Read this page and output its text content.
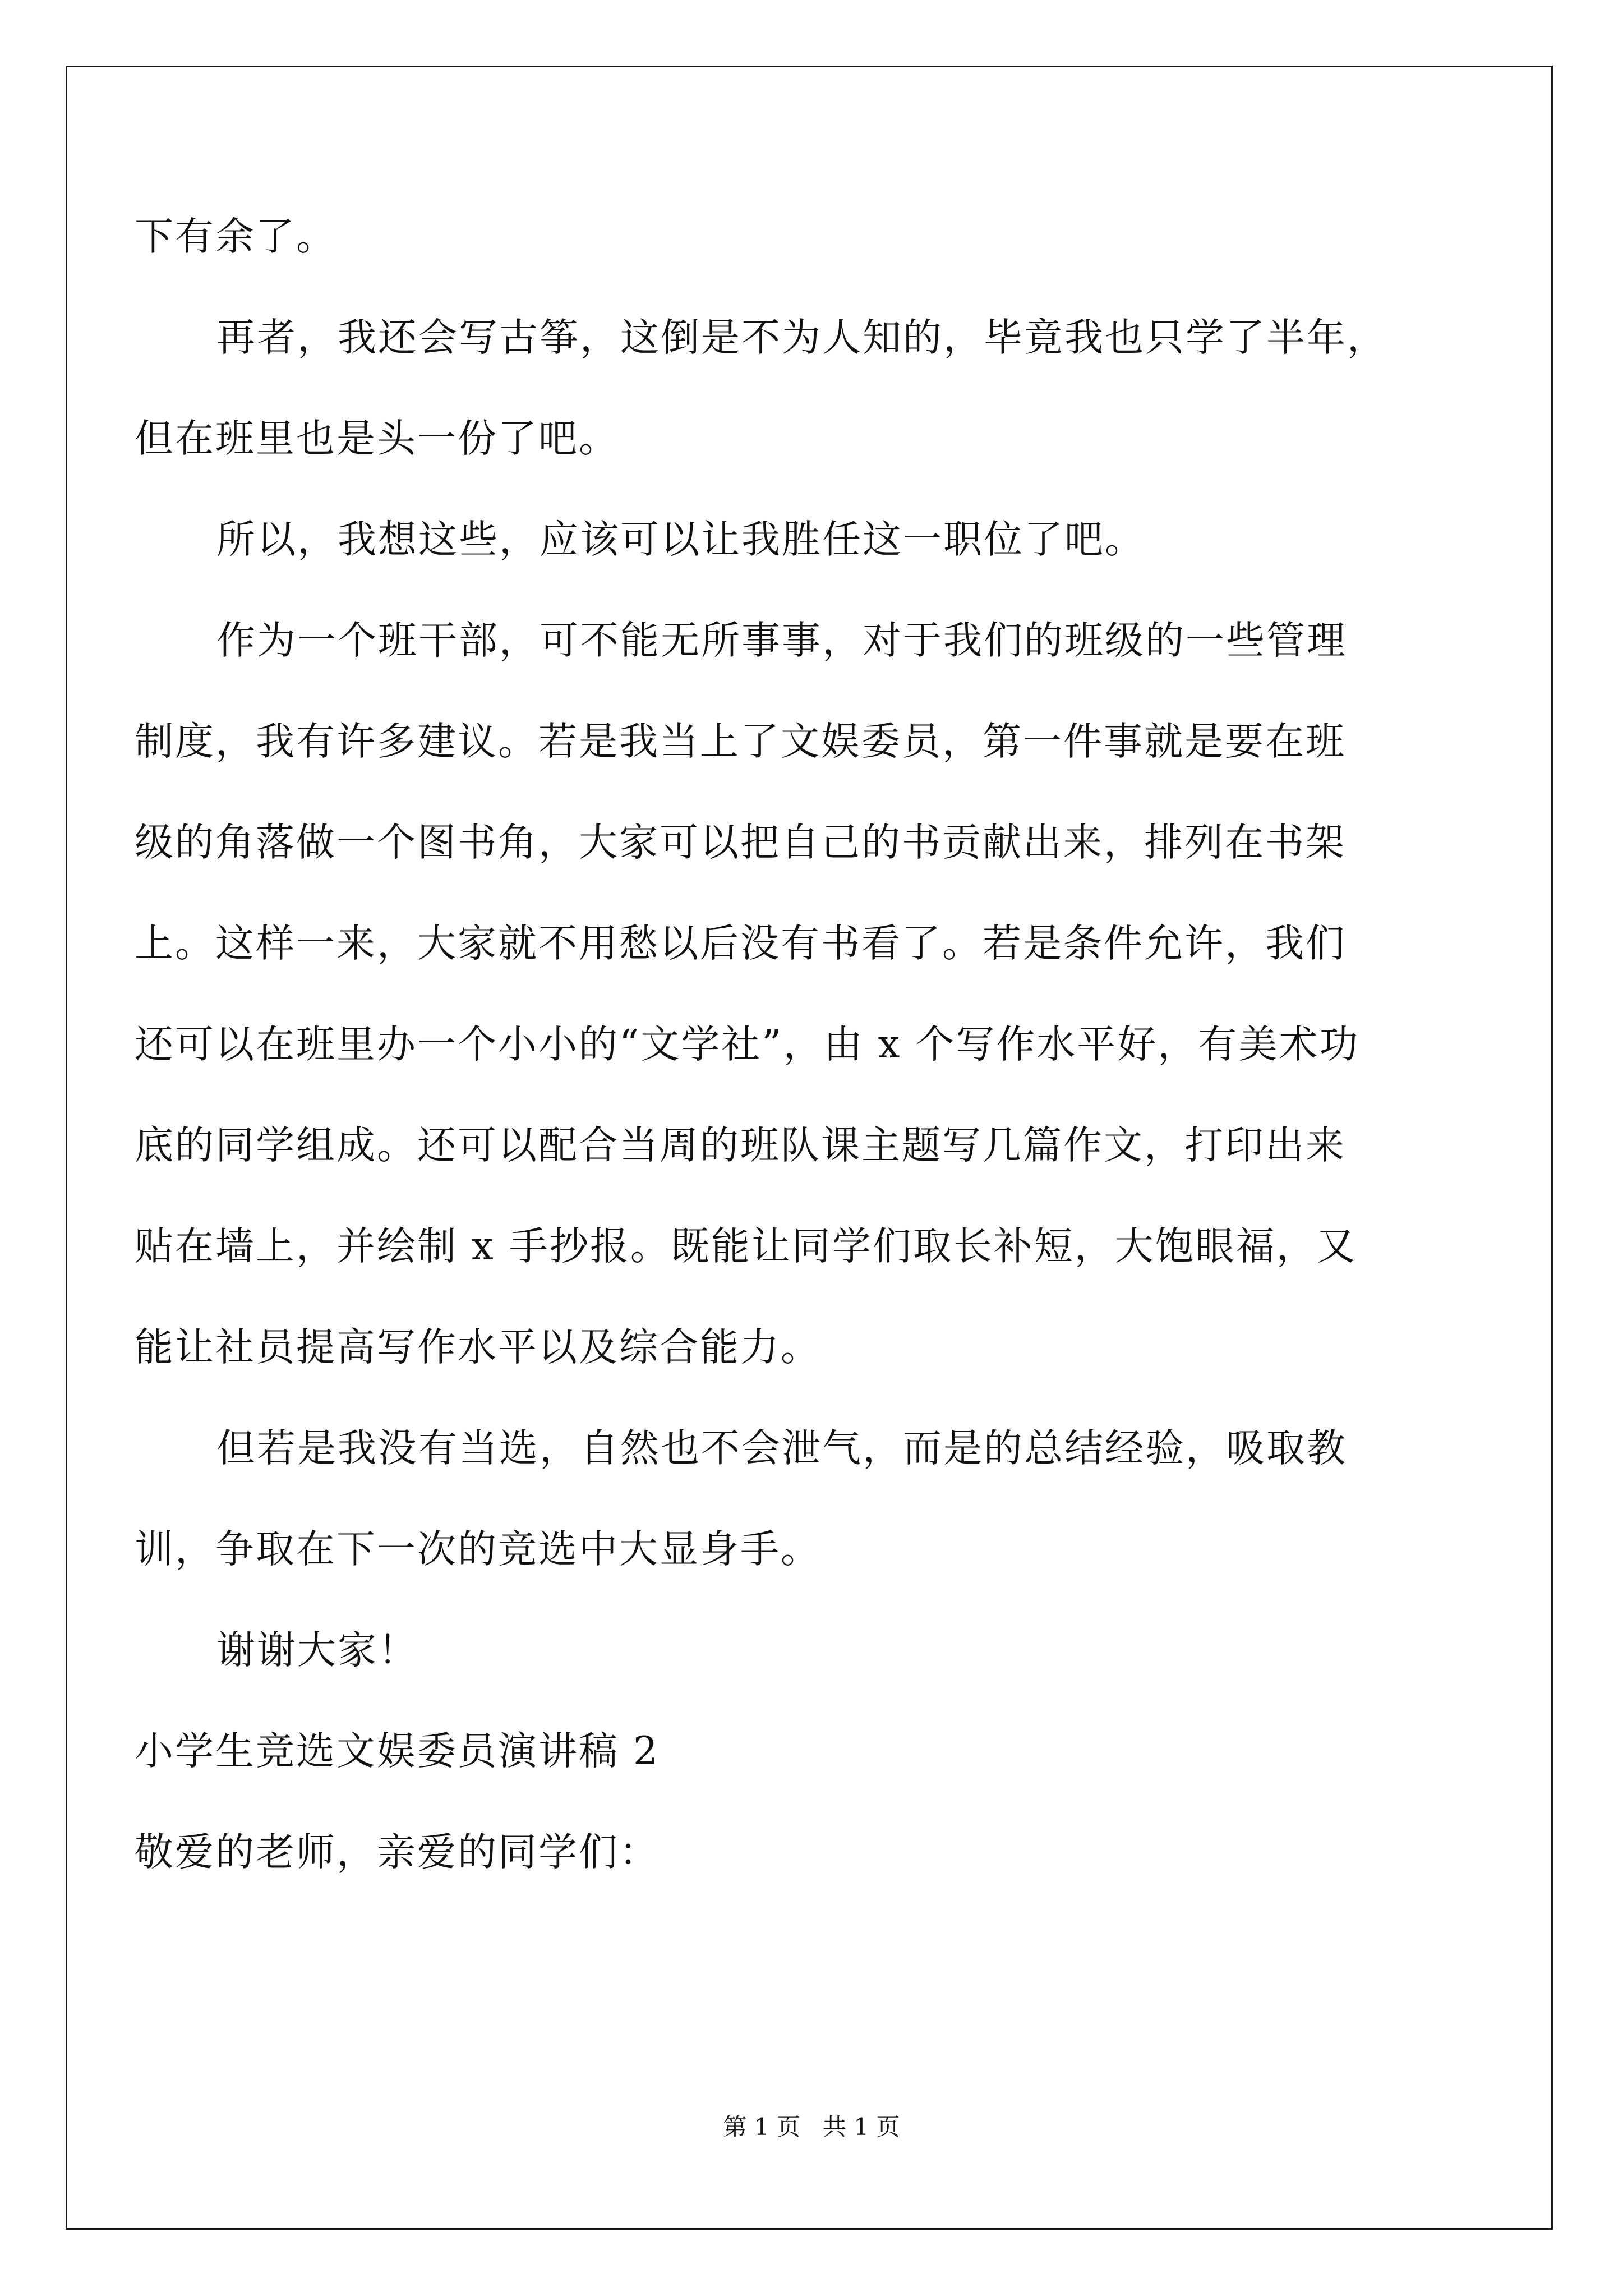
下有余了。
再者，我还会写古筝，这倒是不为人知的，毕竟我也只学了半年，
但在班里也是头一份了吧。
所以，我想这些，应该可以让我胜任这一职位了吧。
作为一个班干部，可不能无所事事，对于我们的班级的一些管理
制度，我有许多建议。若是我当上了文娱委员，第一件事就是要在班
级的角落做一个图书角，大家可以把自己的书贡献出来，排列在书架
上。这样一来，大家就不用愁以后没有书看了。若是条件允许，我们
还可以在班里办一个小小的“文学社”，由 x 个写作水平好，有美术功
底的同学组成。还可以配合当周的班队课主题写几篇作文，打印出来
贴在墙上，并绘制 x 手抄报。既能让同学们取长补短，大饱眼福，又
能让社员提高写作水平以及综合能力。
但若是我没有当选，自然也不会泄气，而是的总结经验，吸取教
训，争取在下一次的竞选中大显身手。
谢谢大家！
小学生竞选文娱委员演讲稿 2
敬爱的老师，亲爱的同学们：
第 1 页   共 1 页
